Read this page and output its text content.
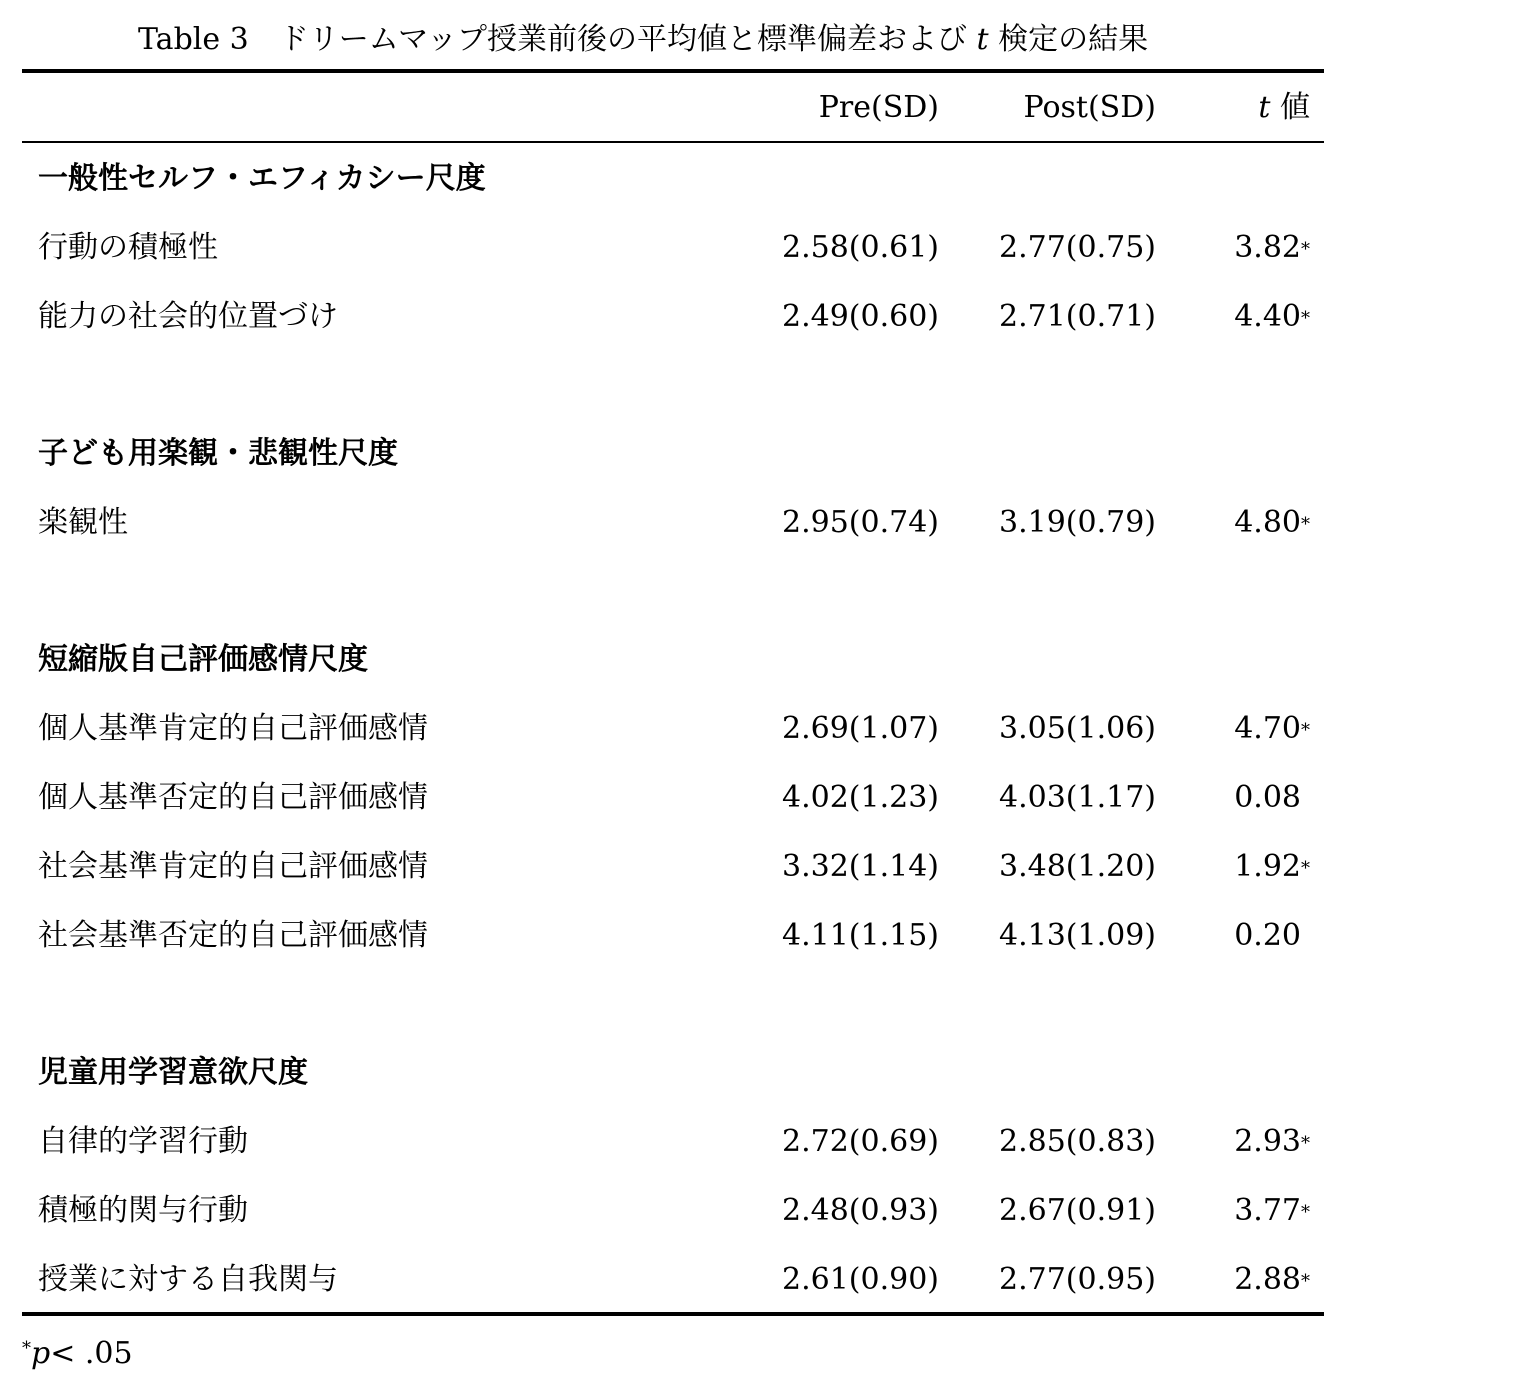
Table 3　ドリームマップ授業前後の平均値と標準偏差および t 検定の結果
Pre(SD)	Post(SD)	t 値
一般性セルフ・エフィカシー尺度
行動の積極性	2.58(0.61) 2.77(0.75)	3.82*
能力の社会的位置づけ	2.49(0.60) 2.71(0.71)	4.40*
子ども用楽観・悲観性尺度
楽観性	2.95(0.74) 3.19(0.79)	4.80*
短縮版自己評価感情尺度
個人基準肯定的自己評価感情	2.69(1.07) 3.05(1.06)	4.70*
個人基準否定的自己評価感情	4.02(1.23) 4.03(1.17)	0.08
社会基準肯定的自己評価感情	3.32(1.14) 3.48(1.20)	1.92*
社会基準否定的自己評価感情	4.11(1.15) 4.13(1.09)	0.20
児童用学習意欲尺度
自律的学習行動	2.72(0.69) 2.85(0.83)	2.93*
積極的関与行動	2.48(0.93) 2.67(0.91)	3.77*
授業に対する自我関与	2.61(0.90) 2.77(0.95)	2.88*
*p< .05
